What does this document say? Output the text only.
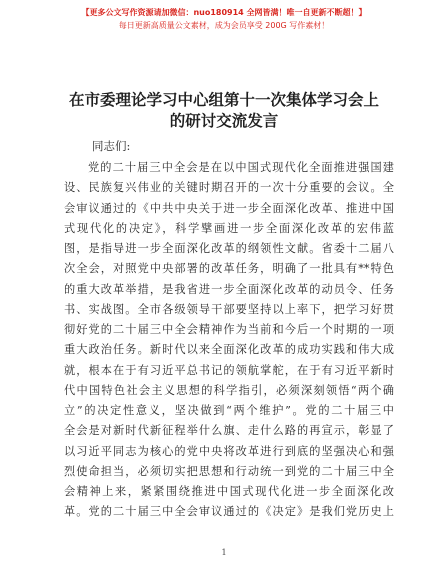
【更多公文写作资源请加微信：nuo180914 全网皆满！唯一自更新不断超！】
每日更新高质量公文素材，成为会员享受 200G 写作素材！
在市委理论学习中心组第十一次集体学习会上
的研讨交流发言
同志们:
党的二十届三中全会是在以中国式现代化全面推进强国建
设、民族复兴伟业的关键时期召开的一次十分重要的会议。全
会审议通过的《中共中央关于进一步全面深化改革、推进中国
式现代化的决定》，科学擘画进一步全面深化改革的宏伟蓝
图，是指导进一步全面深化改革的纲领性文献。省委十二届八
次全会，对照党中央部署的改革任务，明确了一批具有**特色
的重大改革举措，是我省进一步全面深化改革的动员令、任务
书、实战图。全市各级领导干部要坚持以上率下，把学习好贯
彻好党的二十届三中全会精神作为当前和今后一个时期的一项
重大政治任务。新时代以来全面深化改革的成功实践和伟大成
就，根本在于有习近平总书记的领航掌舵，在于有习近平新时
代中国特色社会主义思想的科学指引，必须深刻领悟“两个确
立”的决定性意义，坚决做到“两个维护”。党的二十届三中
全会是对新时代新征程举什么旗、走什么路的再宣示，彰显了
以习近平同志为核心的党中央将改革进行到底的坚强决心和强
烈使命担当，必须切实把思想和行动统一到党的二十届三中全
会精神上来，紧紧围绕推进中国式现代化进一步全面深化改
革。党的二十届三中全会审议通过的《决定》是我们党历史上
1
